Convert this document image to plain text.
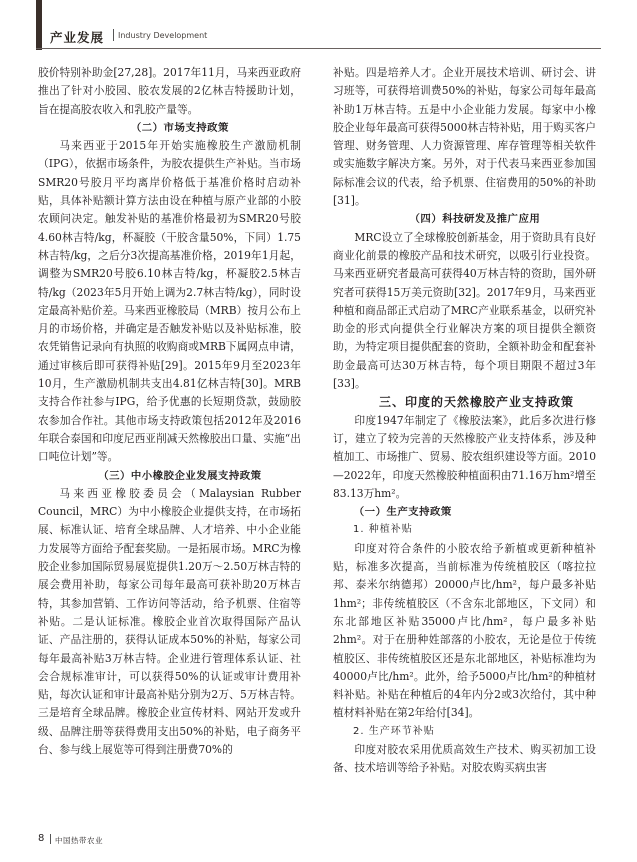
产业发展 Industry Development

胶价特别补助金[27,28]。2017年11月，马来西亚政府推出了针对小胶园、胶农发展的2亿林吉特援助计划，旨在提高胶农收入和乳胶产量等。

（二）市场支持政策

马来西亚于2015年开始实施橡胶生产激励机制（IPG），依据市场条件，为胶农提供生产补贴。当市场SMR20号胶月平均离岸价格低于基准价格时启动补贴，具体补贴额计算方法由设在种植与原产业部的小胶农顾问决定。触发补贴的基准价格最初为SMR20号胶4.60林吉特/kg，杯凝胶（干胶含量50%，下同）1.75林吉特/kg，之后分3次提高基准价格，2019年1月起，调整为SMR20号胶6.10林吉特/kg，杯凝胶2.5林吉特/kg（2023年5月开始上调为2.7林吉特/kg），同时设定最高补贴价差。马来西亚橡胶局（MRB）按月公布上月的市场价格，并确定是否触发补贴以及补贴标准，胶农凭销售记录向有执照的收购商或MRB下属网点申请，通过审核后即可获得补贴[29]。2015年9月至2023年10月，生产激励机制共支出4.81亿林吉特[30]。MRB支持合作社参与IPG，给予优惠的长短期贷款，鼓励胶农参加合作社。其他市场支持政策包括2012年及2016年联合泰国和印度尼西亚削减天然橡胶出口量、实施“出口吨位计划”等。

（三）中小橡胶企业发展支持政策

马来西亚橡胶委员会（Malaysian Rubber Council，MRC）为中小橡胶企业提供支持，在市场拓展、标准认证、培育全球品牌、人才培养、中小企业能力发展等方面给予配套奖励。一是拓展市场。MRC为橡胶企业参加国际贸易展览提供1.20万～2.50万林吉特的展会费用补助，每家公司每年最高可获补助20万林吉特，其参加营销、工作访问等活动，给予机票、住宿等补贴。二是认证标准。橡胶企业首次取得国际产品认证、产品注册的，获得认证成本50%的补贴，每家公司每年最高补贴3万林吉特。企业进行管理体系认证、社会合规标准审计，可以获得50%的认证或审计费用补贴，每次认证和审计最高补贴分别为2万、5万林吉特。三是培育全球品牌。橡胶企业宣传材料、网站开发或升级、品牌注册等获得费用支出50%的补贴，电子商务平台、参与线上展览等可得到注册费70%的

补贴。四是培养人才。企业开展技术培训、研讨会、讲习班等，可获得培训费50%的补贴，每家公司每年最高补助1万林吉特。五是中小企业能力发展。每家中小橡胶企业每年最高可获得5000林吉特补贴，用于购买客户管理、财务管理、人力资源管理、库存管理等相关软件或实施数字解决方案。另外，对于代表马来西亚参加国际标准会议的代表，给予机票、住宿费用的50%的补助[31]。

（四）科技研发及推广应用

MRC设立了全球橡胶创新基金，用于资助具有良好商业化前景的橡胶产品和技术研究，以吸引行业投资。马来西亚研究者最高可获得40万林吉特的资助，国外研究者可获得15万美元资助[32]。2017年9月，马来西亚种植和商品部正式启动了MRC产业联系基金，以研究补助金的形式向提供全行业解决方案的项目提供全额资助，为特定项目提供配套的资助，全额补助金和配套补助金最高可达30万林吉特，每个项目期限不超过3年[33]。

三、印度的天然橡胶产业支持政策

印度1947年制定了《橡胶法案》，此后多次进行修订，建立了较为完善的天然橡胶产业支持体系，涉及种植加工、市场推广、贸易、胶农组织建设等方面。2010—2022年，印度天然橡胶种植面积由71.16万hm²增至83.13万hm²。

（一）生产支持政策

1. 种植补贴

印度对符合条件的小胶农给予新植或更新种植补贴，标准多次提高，当前标准为传统植胶区（喀拉拉邦、泰米尔纳德邦）20000卢比/hm²，每户最多补贴1hm²；非传统植胶区（不含东北部地区，下文同）和东北部地区补贴35000卢比/hm²，每户最多补贴2hm²。对于在册种姓部落的小胶农，无论是位于传统植胶区、非传统植胶区还是东北部地区，补贴标准均为40000卢比/hm²。此外，给予5000卢比/hm²的种植材料补贴。补贴在种植后的4年内分2或3次给付，其中种植材料补贴在第2年给付[34]。

2. 生产环节补贴

印度对胶农采用优质高效生产技术、购买初加工设备、技术培训等给予补贴。对胶农购买病虫害

8 中国热带农业
